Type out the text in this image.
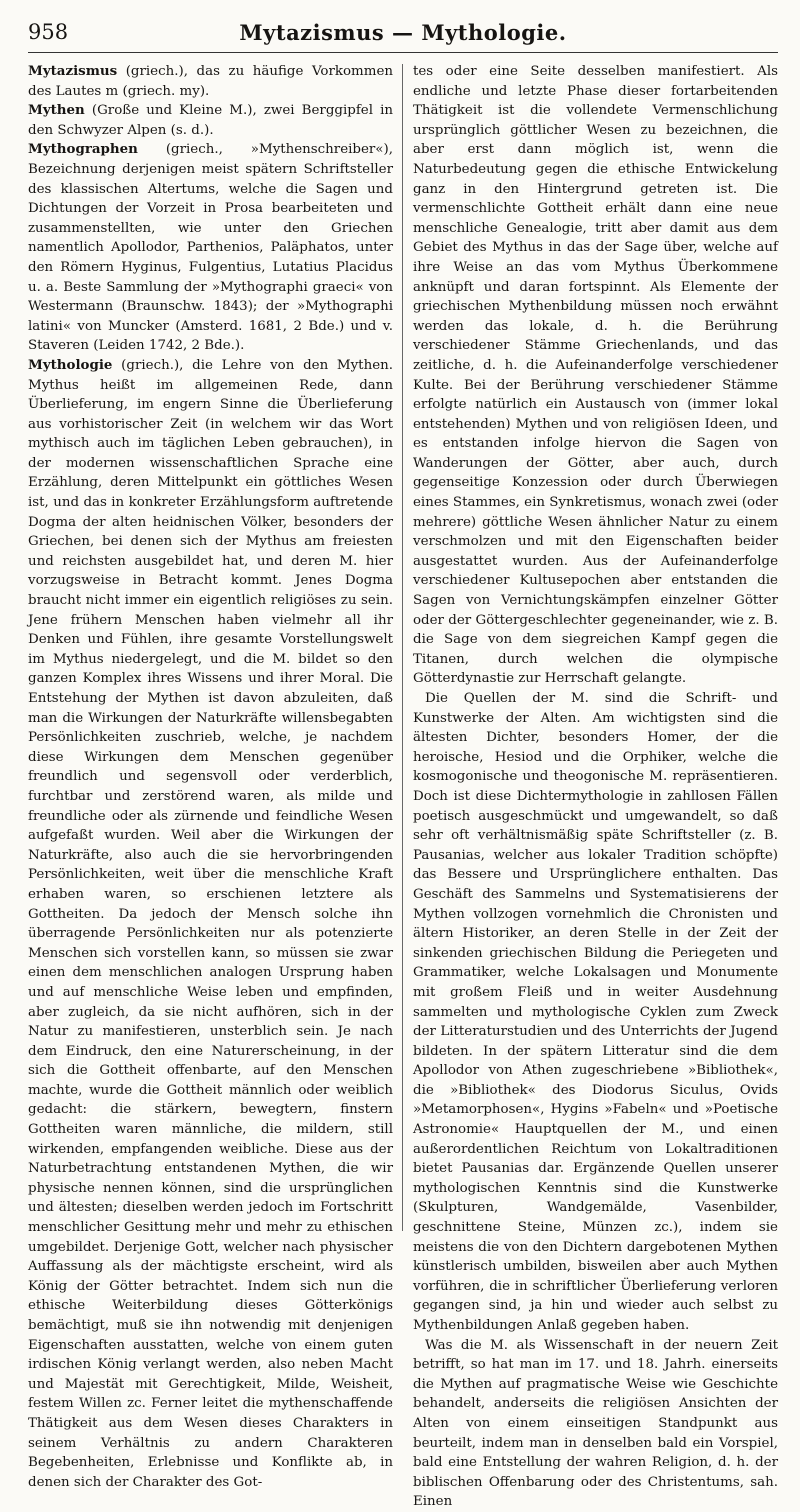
958	Mytazismus — Mythologie.

Mytazismus (griech.), das zu häufige Vorkommen des Lautes m (griech. my).

Mythen (Große und Kleine M.), zwei Berggipfel in den Schwyzer Alpen (s. d.).

Mythographen (griech., »Mythenschreiber«), Bezeichnung derjenigen meist spätern Schriftsteller des klassischen Altertums, welche die Sagen und Dichtungen der Vorzeit in Prosa bearbeiteten und zusammenstellten, wie unter den Griechen namentlich Apollodor, Parthenios, Paläphatos, unter den Römern Hyginus, Fulgentius, Lutatius Placidus u. a. Beste Sammlung der »Mythographi graeci« von Westermann (Braunschw. 1843); der »Mythographi latini« von Muncker (Amsterd. 1681, 2 Bde.) und v. Staveren (Leiden 1742, 2 Bde.).

Mythologie (griech.), die Lehre von den Mythen. Mythus heißt im allgemeinen Rede, dann Überlieferung, im engern Sinne die Überlieferung aus vorhistorischer Zeit (in welchem wir das Wort mythisch auch im täglichen Leben gebrauchen), in der modernen wissenschaftlichen Sprache eine Erzählung, deren Mittelpunkt ein göttliches Wesen ist, und das in konkreter Erzählungsform auftretende Dogma der alten heidnischen Völker, besonders der Griechen, bei denen sich der Mythus am freiesten und reichsten ausgebildet hat, und deren M. hier vorzugsweise in Betracht kommt. Jenes Dogma braucht nicht immer ein eigentlich religiöses zu sein. Jene frühern Menschen haben vielmehr all ihr Denken und Fühlen, ihre gesamte Vorstellungswelt im Mythus niedergelegt, und die M. bildet so den ganzen Komplex ihres Wissens und ihrer Moral. Die Entstehung der Mythen ist davon abzuleiten, daß man die Wirkungen der Naturkräfte willensbegabten Persönlichkeiten zuschrieb, welche, je nachdem diese Wirkungen dem Menschen gegenüber freundlich und segensvoll oder verderblich, furchtbar und zerstörend waren, als milde und freundliche oder als zürnende und feindliche Wesen aufgefaßt wurden. Weil aber die Wirkungen der Naturkräfte, also auch die sie hervorbringenden Persönlichkeiten, weit über die menschliche Kraft erhaben waren, so erschienen letztere als Gottheiten. Da jedoch der Mensch solche ihn überragende Persönlichkeiten nur als potenzierte Menschen sich vorstellen kann, so müssen sie zwar einen dem menschlichen analogen Ursprung haben und auf menschliche Weise leben und empfinden, aber zugleich, da sie nicht aufhören, sich in der Natur zu manifestieren, unsterblich sein. Je nach dem Eindruck, den eine Naturerscheinung, in der sich die Gottheit offenbarte, auf den Menschen machte, wurde die Gottheit männlich oder weiblich gedacht: die stärkern, bewegtern, finstern Gottheiten waren männliche, die mildern, still wirkenden, empfangenden weibliche. Diese aus der Naturbetrachtung entstandenen Mythen, die wir physische nennen können, sind die ursprünglichen und ältesten; dieselben werden jedoch im Fortschritt menschlicher Gesittung mehr und mehr zu ethischen umgebildet. Derjenige Gott, welcher nach physischer Auffassung als der mächtigste erscheint, wird als König der Götter betrachtet. Indem sich nun die ethische Weiterbildung dieses Götterkönigs bemächtigt, muß sie ihn notwendig mit denjenigen Eigenschaften ausstatten, welche von einem guten irdischen König verlangt werden, also neben Macht und Majestät mit Gerechtigkeit, Milde, Weisheit, festem Willen zc. Ferner leitet die mythenschaffende Thätigkeit aus dem Wesen dieses Charakters in seinem Verhältnis zu andern Charakteren Begebenheiten, Erlebnisse und Konflikte ab, in denen sich der Charakter des Got-

tes oder eine Seite desselben manifestiert. Als endliche und letzte Phase dieser fortarbeitenden Thätigkeit ist die vollendete Vermenschlichung ursprünglich göttlicher Wesen zu bezeichnen, die aber erst dann möglich ist, wenn die Naturbedeutung gegen die ethische Entwickelung ganz in den Hintergrund getreten ist. Die vermenschlichte Gottheit erhält dann eine neue menschliche Genealogie, tritt aber damit aus dem Gebiet des Mythus in das der Sage über, welche auf ihre Weise an das vom Mythus Überkommene anknüpft und daran fortspinnt. Als Elemente der griechischen Mythenbildung müssen noch erwähnt werden das lokale, d. h. die Berührung verschiedener Stämme Griechenlands, und das zeitliche, d. h. die Aufeinanderfolge verschiedener Kulte. Bei der Berührung verschiedener Stämme erfolgte natürlich ein Austausch von (immer lokal entstehenden) Mythen und von religiösen Ideen, und es entstanden infolge hiervon die Sagen von Wanderungen der Götter, aber auch, durch gegenseitige Konzession oder durch Überwiegen eines Stammes, ein Synkretismus, wonach zwei (oder mehrere) göttliche Wesen ähnlicher Natur zu einem verschmolzen und mit den Eigenschaften beider ausgestattet wurden. Aus der Aufeinanderfolge verschiedener Kultusepochen aber entstanden die Sagen von Vernichtungskämpfen einzelner Götter oder der Göttergeschlechter gegeneinander, wie z. B. die Sage von dem siegreichen Kampf gegen die Titanen, durch welchen die olympische Götterdynastie zur Herrschaft gelangte.

Die Quellen der M. sind die Schrift- und Kunstwerke der Alten. Am wichtigsten sind die ältesten Dichter, besonders Homer, der die heroische, Hesiod und die Orphiker, welche die kosmogonische und theogonische M. repräsentieren. Doch ist diese Dichtermythologie in zahllosen Fällen poetisch ausgeschmückt und umgewandelt, so daß sehr oft verhältnismäßig späte Schriftsteller (z. B. Pausanias, welcher aus lokaler Tradition schöpfte) das Bessere und Ursprünglichere enthalten. Das Geschäft des Sammelns und Systematisierens der Mythen vollzogen vornehmlich die Chronisten und ältern Historiker, an deren Stelle in der Zeit der sinkenden griechischen Bildung die Periegeten und Grammatiker, welche Lokalsagen und Monumente mit großem Fleiß und in weiter Ausdehnung sammelten und mythologische Cyklen zum Zweck der Litteraturstudien und des Unterrichts der Jugend bildeten. In der spätern Litteratur sind die dem Apollodor von Athen zugeschriebene »Bibliothek«, die »Bibliothek« des Diodorus Siculus, Ovids »Metamorphosen«, Hygins »Fabeln« und »Poetische Astronomie« Hauptquellen der M., und einen außerordentlichen Reichtum von Lokaltraditionen bietet Pausanias dar. Ergänzende Quellen unserer mythologischen Kenntnis sind die Kunstwerke (Skulpturen, Wandgemälde, Vasenbilder, geschnittene Steine, Münzen zc.), indem sie meistens die von den Dichtern dargebotenen Mythen künstlerisch umbilden, bisweilen aber auch Mythen vorführen, die in schriftlicher Überlieferung verloren gegangen sind, ja hin und wieder auch selbst zu Mythenbildungen Anlaß gegeben haben.

Was die M. als Wissenschaft in der neuern Zeit betrifft, so hat man im 17. und 18. Jahrh. einerseits die Mythen auf pragmatische Weise wie Geschichte behandelt, anderseits die religiösen Ansichten der Alten von einem einseitigen Standpunkt aus beurteilt, indem man in denselben bald ein Vorspiel, bald eine Entstellung der wahren Religion, d. h. der biblischen Offenbarung oder des Christentums, sah. Einen
